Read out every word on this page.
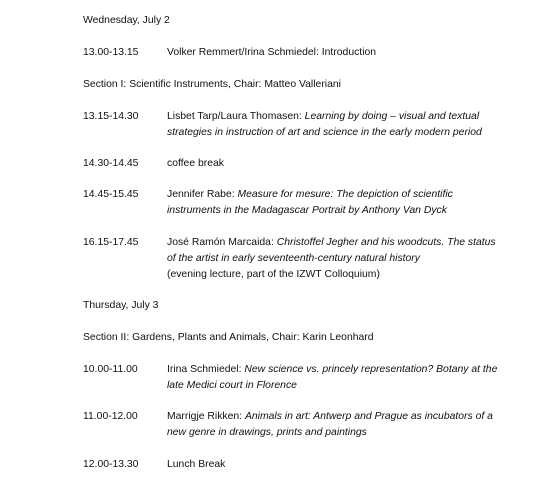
Wednesday, July 2
13.00-13.15	Volker Remmert/Irina Schmiedel: Introduction
Section I: Scientific Instruments, Chair: Matteo Valleriani
13.15-14.30	Lisbet Tarp/Laura Thomasen: Learning by doing – visual and textual strategies in instruction of art and science in the early modern period
14.30-14.45	coffee break
14.45-15.45	Jennifer Rabe: Measure for mesure: The depiction of scientific instruments in the Madagascar Portrait by Anthony Van Dyck
16.15-17.45	José Ramón Marcaida: Christoffel Jegher and his woodcuts. The status of the artist in early seventeenth-century natural history
(evening lecture, part of the IZWT Colloquium)
Thursday, July 3
Section II: Gardens, Plants and Animals, Chair: Karin Leonhard
10.00-11.00	Irina Schmiedel: New science vs. princely representation? Botany at the late Medici court in Florence
11.00-12.00	Marrigje Rikken: Animals in art: Antwerp and Prague as incubators of a new genre in drawings, prints and paintings
12.00-13.30	Lunch Break
